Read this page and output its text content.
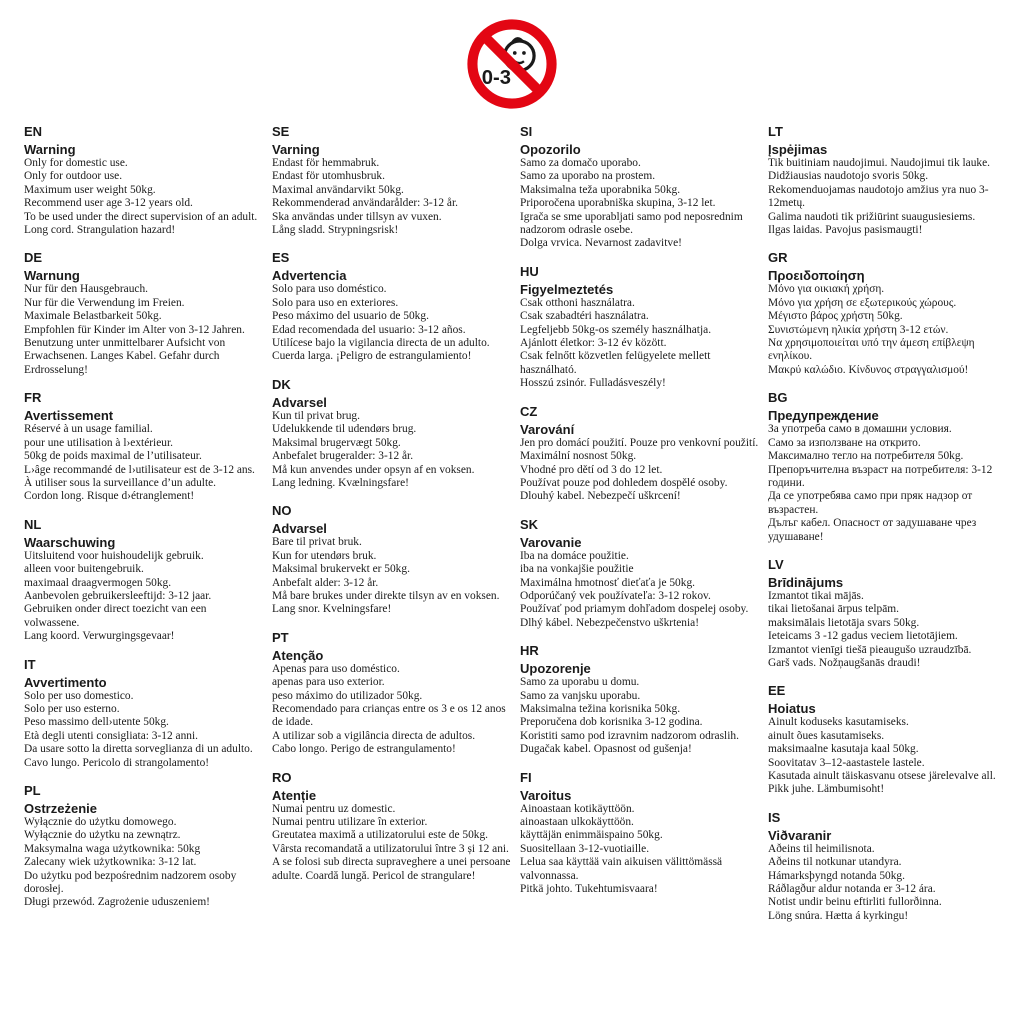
0-3
EN
Warning
Only for domestic use.
Only for outdoor use.
Maximum user weight 50kg.
Recommend user age 3-12 years old.
To be used under the direct supervision of an adult.
Long cord. Strangulation hazard!
DE
Warnung
Nur für den Hausgebrauch.
Nur für die Verwendung im Freien.
Maximale Belastbarkeit 50kg.
Empfohlen für Kinder im Alter von 3-12 Jahren.
Benutzung unter unmittelbarer Aufsicht von Erwachsenen. Langes Kabel. Gefahr durch Erdrosselung!
FR
Avertissement
Réservé à un usage familial.
pour une utilisation à l›extérieur.
50kg de poids maximal de l’utilisateur.
L›âge recommandé de l›utilisateur est de 3-12 ans.
À utiliser sous la surveillance d’un adulte.
Cordon long. Risque d›étranglement!
NL
Waarschuwing
Uitsluitend voor huishoudelijk gebruik.
alleen voor buitengebruik.
maximaal draagvermogen 50kg.
Aanbevolen gebruikersleeftijd: 3-12 jaar.
Gebruiken onder direct toezicht van een volwassene.
Lang koord. Verwurgingsgevaar!
IT
Avvertimento
Solo per uso domestico.
Solo per uso esterno.
Peso massimo dell›utente 50kg.
Età degli utenti consigliata: 3-12 anni.
Da usare sotto la diretta sorveglianza di un adulto.
Cavo lungo. Pericolo di strangolamento!
PL
Ostrzeżenie
Wyłącznie do użytku domowego.
Wyłącznie do użytku na zewnątrz.
Maksymalna waga użytkownika: 50kg
Zalecany wiek użytkownika: 3-12 lat.
Do użytku pod bezpośrednim nadzorem osoby dorosłej.
Długi przewód. Zagrożenie uduszeniem!
SE
Varning
Endast för hemmabruk.
Endast för utomhusbruk.
Maximal användarvikt 50kg.
Rekommenderad användarålder: 3-12 år.
Ska användas under tillsyn av vuxen.
Lång sladd. Strypningsrisk!
ES
Advertencia
Solo para uso doméstico.
Solo para uso en exteriores.
Peso máximo del usuario de 50kg.
Edad recomendada del usuario: 3-12 años.
Utilícese bajo la vigilancia directa de un adulto.
Cuerda larga. ¡Peligro de estrangulamiento!
DK
Advarsel
Kun til privat brug.
Udelukkende til udendørs brug.
Maksimal brugervægt 50kg.
Anbefalet brugeralder: 3-12 år.
Må kun anvendes under opsyn af en voksen.
Lang ledning. Kvælningsfare!
NO
Advarsel
Bare til privat bruk.
Kun for utendørs bruk.
Maksimal brukervekt er 50kg.
Anbefalt alder: 3-12 år.
Må bare brukes under direkte tilsyn av en voksen.
Lang snor. Kvelningsfare!
PT
Atenção
Apenas para uso doméstico.
apenas para uso exterior.
peso máximo do utilizador 50kg.
Recomendado para crianças entre os 3 e os 12 anos de idade.
A utilizar sob a vigilância directa de adultos.
Cabo longo. Perigo de estrangulamento!
RO
Atenție
Numai pentru uz domestic.
Numai pentru utilizare în exterior.
Greutatea maximă a utilizatorului este de 50kg.
Vârsta recomandată a utilizatorului între 3 și 12 ani.
A se folosi sub directa supraveghere a unei persoane adulte. Coardă lungă. Pericol de strangulare!
SI
Opozorilo
Samo za domačo uporabo.
Samo za uporabo na prostem.
Maksimalna teža uporabnika 50kg.
Priporočena uporabniška skupina, 3-12 let.
Igrača se sme uporabljati samo pod neposrednim nadzorom odrasle osebe.
Dolga vrvica. Nevarnost zadavitve!
HU
Figyelmeztetés
Csak otthoni használatra.
Csak szabadtéri használatra.
Legfeljebb 50kg-os személy használhatja.
Ajánlott életkor: 3-12 év között.
Csak felnőtt közvetlen felügyelete mellett használható.
Hosszú zsinór. Fulladásveszély!
CZ
Varování
Jen pro domácí použití. Pouze pro venkovní použití.
Maximální nosnost 50kg.
Vhodné pro dětí od 3 do 12 let.
Používat pouze pod dohledem dospělé osoby.
Dlouhý kabel. Nebezpečí uškrcení!
SK
Varovanie
Iba na domáce použitie.
iba na vonkajšie použitie
Maximálna hmotnosť dieťaťa je 50kg.
Odporúčaný vek používateľa: 3-12 rokov.
Používať pod priamym dohľadom dospelej osoby.
Dlhý kábel. Nebezpečenstvo uškrtenia!
HR
Upozorenje
Samo za uporabu u domu.
Samo za vanjsku uporabu.
Maksimalna težina korisnika 50kg.
Preporučena dob korisnika 3-12 godina.
Koristiti samo pod izravnim nadzorom odraslih.
Dugačak kabel. Opasnost od gušenja!
FI
Varoitus
Ainoastaan kotikäyttöön.
ainoastaan ulkokäyttöön.
käyttäjän enimmäispaino 50kg.
Suositellaan 3-12-vuotiaille.
Lelua saa käyttää vain aikuisen välittömässä valvonnassa.
Pitkä johto. Tukehtumisvaara!
LT
Įspėjimas
Tik buitiniam naudojimui. Naudojimui tik lauke.
Didžiausias naudotojo svoris 50kg.
Rekomenduojamas naudotojo amžius yra nuo 3-12metų.
Galima naudoti tik prižiūrint suaugusiesiems.
Ilgas laidas. Pavojus pasismaugti!
GR
Προειδοποίηση
Μόνο για οικιακή χρήση.
Μόνο για χρήση σε εξωτερικούς χώρους.
Μέγιστο βάρος χρήστη 50kg.
Συνιστώμενη ηλικία χρήστη 3-12 ετών.
Να χρησιμοποιείται υπό την άμεση επίβλεψη ενηλίκου.
Μακρύ καλώδιο. Κίνδυνος στραγγαλισμού!
BG
Предупреждение
За употреба само в домашни условия.
Само за използване на открито.
Максимално тегло на потребителя 50kg.
Препоръчителна възраст на потребителя: 3-12 години.
Да се употребява само при пряк надзор от възрастен.
Дълъг кабел. Опасност от задушаване чрез удушаване!
LV
Brīdinājums
Izmantot tikai mājās.
tikai lietošanai ārpus telpām.
maksimālais lietotāja svars 50kg.
Ieteicams 3 -12 gadus veciem lietotājiem.
Izmantot vienīgi tiešā pieaugušo uzraudzībā.
Garš vads. Nožņaugšanās draudi!
EE
Hoiatus
Ainult koduseks kasutamiseks.
ainult õues kasutamiseks.
maksimaalne kasutaja kaal 50kg.
Soovitatav 3–12-aastastele lastele.
Kasutada ainult täiskasvanu otsese järelevalve all.
Pikk juhe. Lämbumisoht!
IS
Viðvaranir
Aðeins til heimilisnota.
Aðeins til notkunar utandyra.
Hámarksþyngd notanda 50kg.
Ráðlagður aldur notanda er 3-12 ára.
Notist undir beinu eftirliti fullorðinna.
Löng snúra. Hætta á kyrkingu!
